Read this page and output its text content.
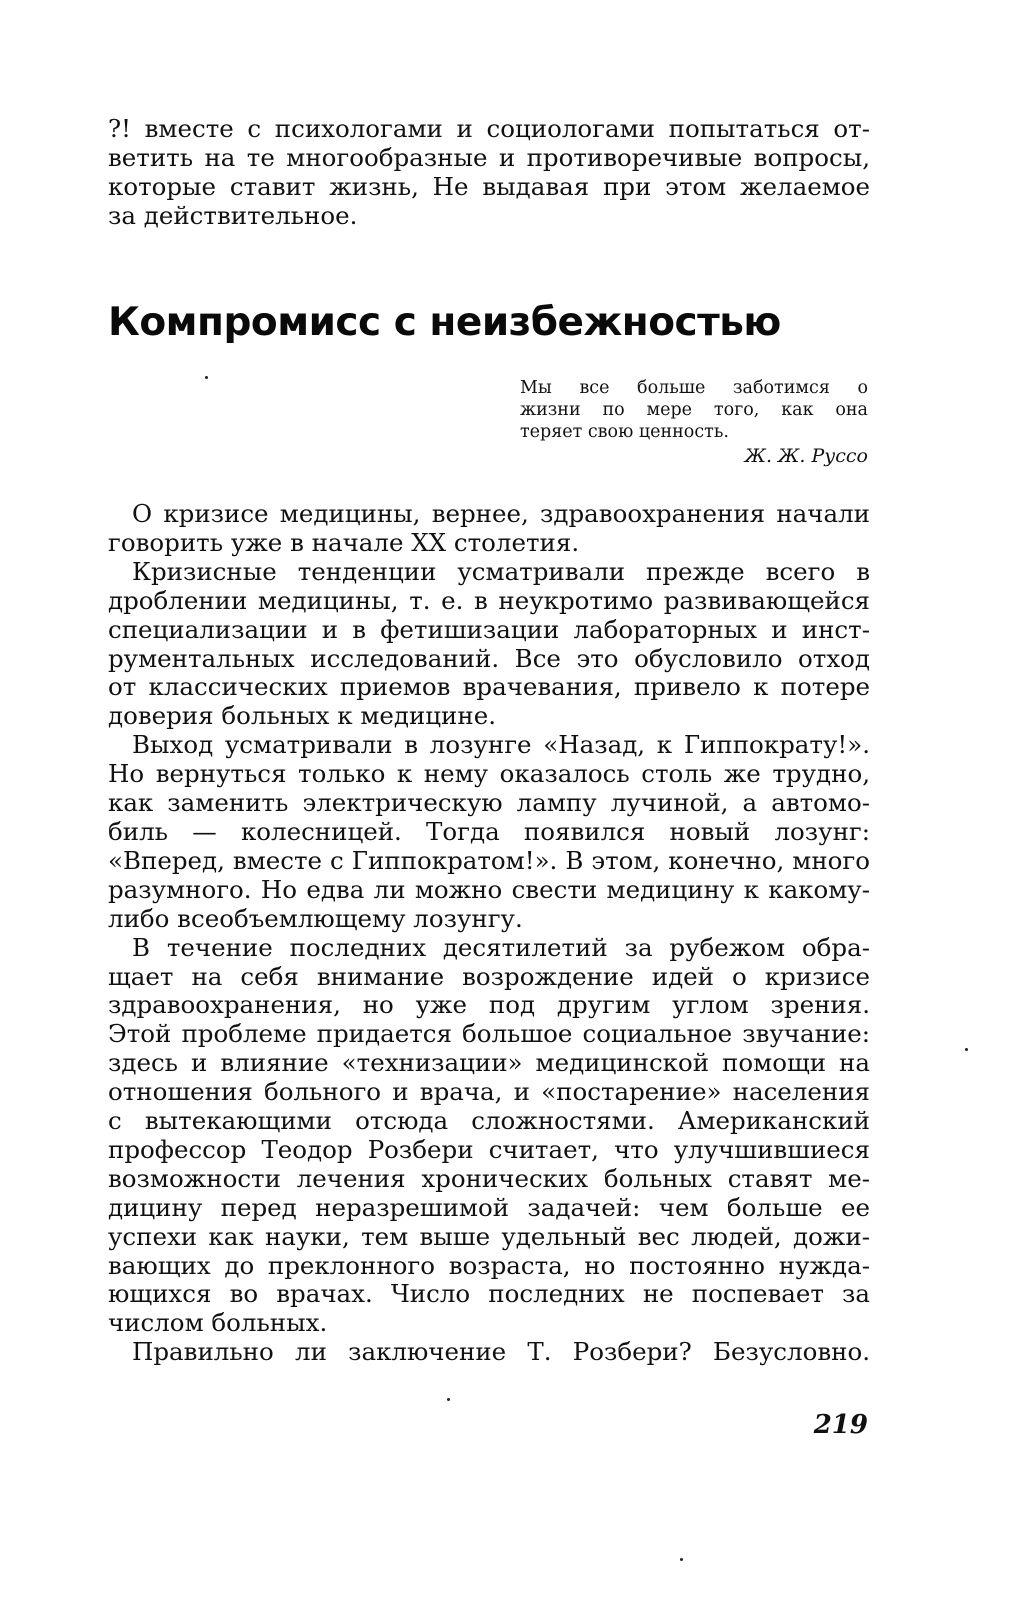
?! вместе с психологами и социологами попытаться от-
ветить на те многообразные и противоречивые вопросы,
которые ставит жизнь, Не выдавая при этом желаемое
за действительное.
Компромисс с неизбежностью
Мы все больше заботимся о
жизни по мере того, как она
теряет свою ценность.
Ж. Ж. Руссо
О кризисе медицины, вернее, здравоохранения начали
говорить уже в начале XX столетия.
Кризисные тенденции усматривали прежде всего в
дроблении медицины, т. е. в неукротимо развивающейся
специализации и в фетишизации лабораторных и инст-
рументальных исследований. Все это обусловило отход
от классических приемов врачевания, привело к потере
доверия больных к медицине.
Выход усматривали в лозунге «Назад, к Гиппократу!».
Но вернуться только к нему оказалось столь же трудно,
как заменить электрическую лампу лучиной, а автомо-
биль — колесницей. Тогда появился новый лозунг:
«Вперед, вместе с Гиппократом!». В этом, конечно, много
разумного. Но едва ли можно свести медицину к какому-
либо всеобъемлющему лозунгу.
В течение последних десятилетий за рубежом обра-
щает на себя внимание возрождение идей о кризисе
здравоохранения, но уже под другим углом зрения.
Этой проблеме придается большое социальное звучание:
здесь и влияние «технизации» медицинской помощи на
отношения больного и врача, и «постарение» населения
с вытекающими отсюда сложностями. Американский
профессор Теодор Розбери считает, что улучшившиеся
возможности лечения хронических больных ставят ме-
дицину перед неразрешимой задачей: чем больше ее
успехи как науки, тем выше удельный вес людей, дожи-
вающих до преклонного возраста, но постоянно нужда-
ющихся во врачах. Число последних не поспевает за
числом больных.
Правильно ли заключение Т. Розбери? Безусловно.
219
